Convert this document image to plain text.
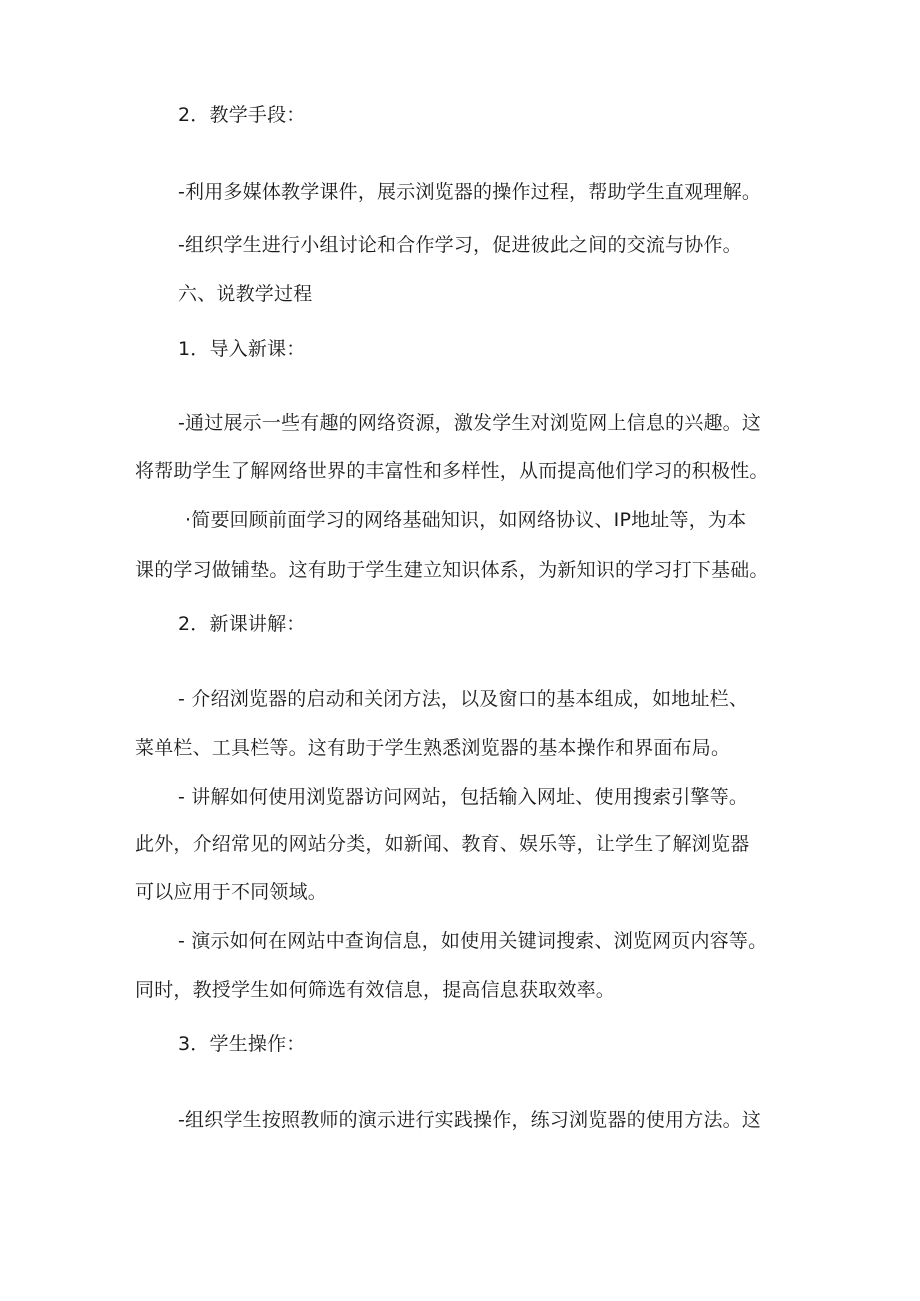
2．教学手段：
-利用多媒体教学课件，展示浏览器的操作过程，帮助学生直观理解。
-组织学生进行小组讨论和合作学习，促进彼此之间的交流与协作。
六、说教学过程
1．导入新课：
-通过展示一些有趣的网络资源，激发学生对浏览网上信息的兴趣。这
将帮助学生了解网络世界的丰富性和多样性，从而提高他们学习的积极性。
·简要回顾前面学习的网络基础知识，如网络协议、IP地址等，为本
课的学习做铺垫。这有助于学生建立知识体系，为新知识的学习打下基础。
2．新课讲解：
- 介绍浏览器的启动和关闭方法，以及窗口的基本组成，如地址栏、
菜单栏、工具栏等。这有助于学生熟悉浏览器的基本操作和界面布局。
- 讲解如何使用浏览器访问网站，包括输入网址、使用搜索引擎等。
此外，介绍常见的网站分类，如新闻、教育、娱乐等，让学生了解浏览器
可以应用于不同领域。
- 演示如何在网站中查询信息，如使用关键词搜索、浏览网页内容等。
同时，教授学生如何筛选有效信息，提高信息获取效率。
3．学生操作：
-组织学生按照教师的演示进行实践操作，练习浏览器的使用方法。这
